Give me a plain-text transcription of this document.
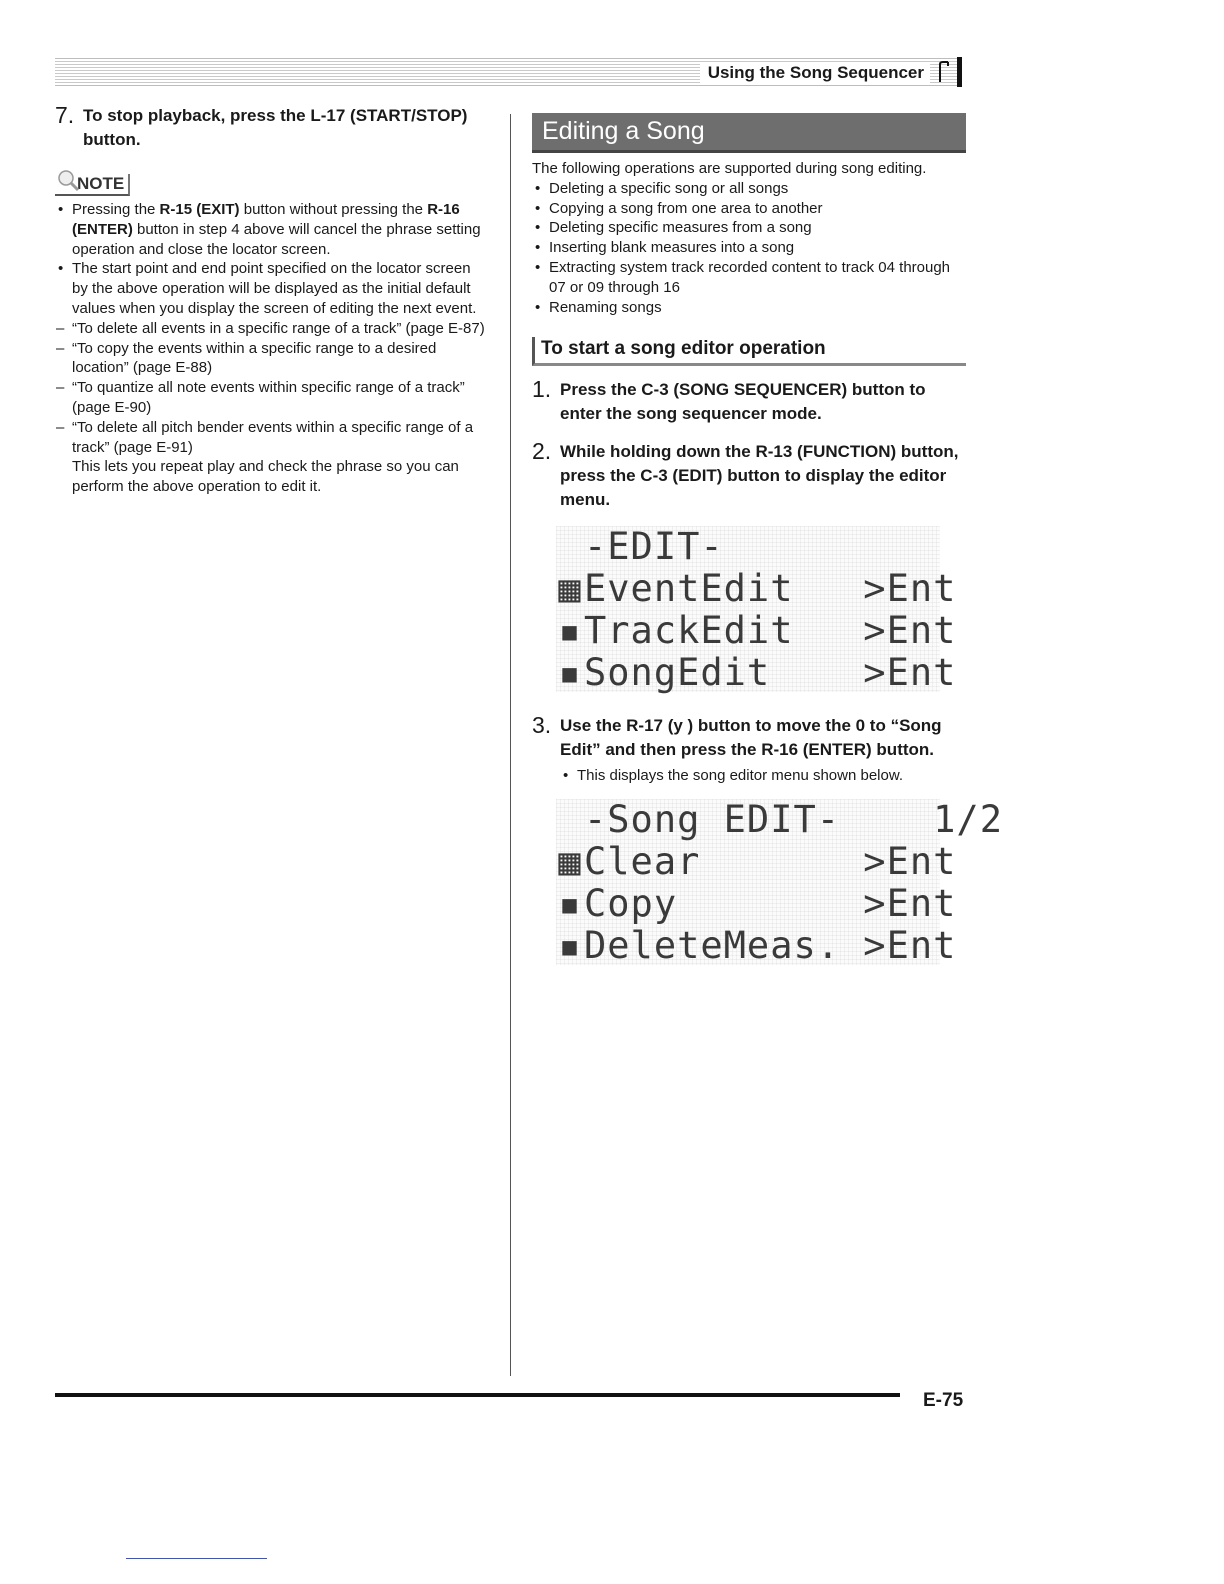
Using the Song Sequencer
7. To stop playback, press the L-17 (START/STOP) button.
NOTE
• Pressing the R-15 (EXIT) button without pressing the R-16 (ENTER) button in step 4 above will cancel the phrase setting operation and close the locator screen.
• The start point and end point specified on the locator screen by the above operation will be displayed as the initial default values when you display the screen of editing the next event.
– “To delete all events in a specific range of a track” (page E-87)
– “To copy the events within a specific range to a desired location” (page E-88)
– “To quantize all note events within specific range of a track” (page E-90)
– “To delete all pitch bender events within a specific range of a track” (page E-91)

This lets you repeat play and check the phrase so you can perform the above operation to edit it.

Editing a Song

The following operations are supported during song editing.

• Deleting a specific song or all songs
• Copying a song from one area to another
• Deleting specific measures from a song
• Inserting blank measures into a song
• Extracting system track recorded content to track 04 through 07 or 09 through 16
• Renaming songs
To start a song editor operation
1. Press the C-3 (SONG SEQUENCER) button to enter the song sequencer mode.
2. While holding down the R-13 (FUNCTION) button, press the C-3 (EDIT) button to display the editor menu.
-EDIT-
▦EventEdit   >Ent
▪TrackEdit   >Ent
▪SongEdit    >Ent
3. Use the R-17 (y ) button to move the 0 to “Song Edit” and then press the R-16 (ENTER) button.
• This displays the song editor menu shown below.
-Song EDIT-    1/2
▦Clear       >Ent
▪Copy        >Ent
▪DeleteMeas. >Ent
E-75
